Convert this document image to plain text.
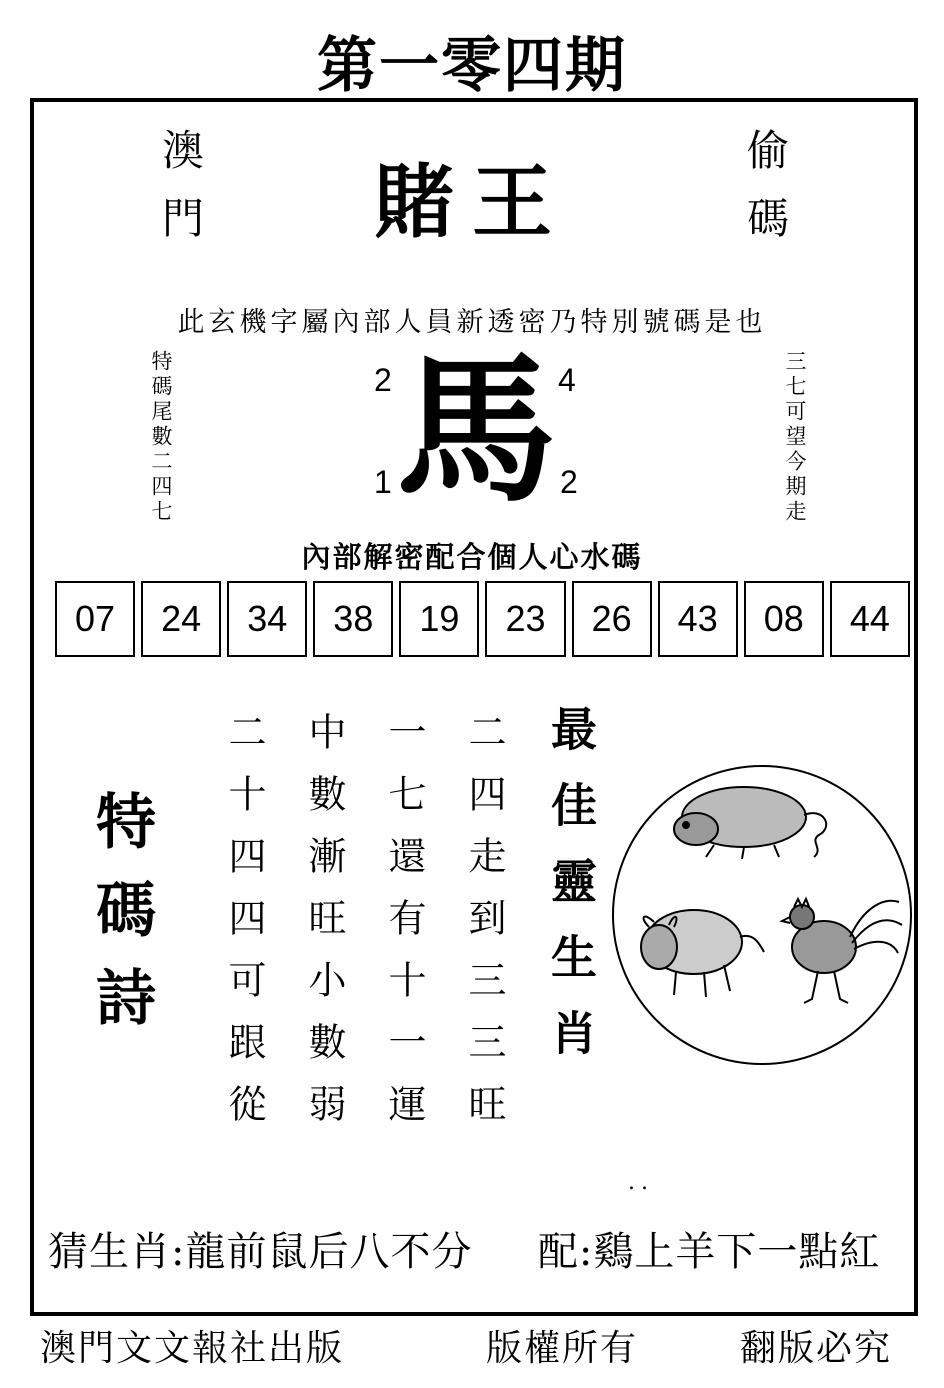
第一零四期
澳門	偷碼
賭王
此玄機字屬內部人員新透密乃特別號碼是也
特碼尾數二四七	三七可望今期走
馬
2	4
1	2
內部解密配合個人心水碼
07	24	34	38	19	23	26	43	08	44
特碼詩	二四走到三三旺
一七還有十一運
中數漸旺小數弱
二十四四可跟從	最佳靈生肖
..
猜生肖:龍前鼠后八不分 配:鷄上羊下一點紅
澳門文文報社出版	版權所有	翻版必究
